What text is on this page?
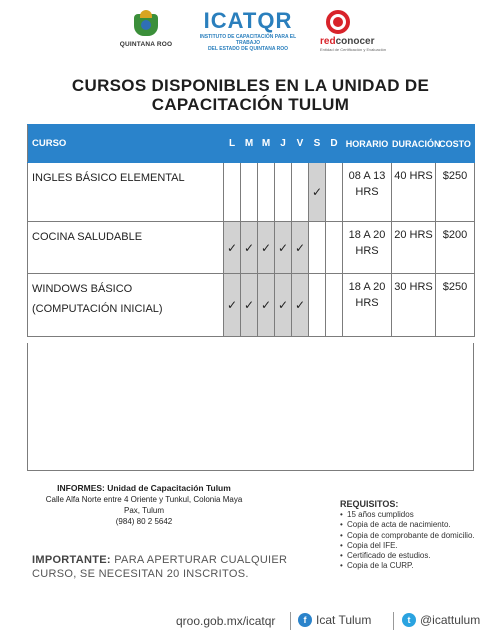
QUINTANA ROO
ICATQR
INSTITUTO DE CAPACITACIÓN PARA EL TRABAJO
DEL ESTADO DE QUINTANA ROO
redconocer
Entidad de Certificación y Evaluación
CURSOS DISPONIBLES EN LA UNIDAD DE
CAPACITACIÓN TULUM
CURSO	L	M	M	J	V	S	D	HORARIO	DURACIÓN	COSTO
INGLES BÁSICO ELEMENTAL						✓		08 A 13 HRS	40 HRS	$250
COCINA SALUDABLE	✓	✓	✓	✓	✓			18 A 20 HRS	20 HRS	$200
WINDOWS BÁSICO (COMPUTACIÓN INICIAL)	✓	✓	✓	✓	✓			18 A 20 HRS	30 HRS	$250
INFORMES: Unidad de Capacitación Tulum
Calle Alfa Norte entre 4 Oriente y Tunkul, Colonia Maya
Pax, Tulum
(984) 80 2 5642
REQUISITOS:
• 15 años cumplidos
• Copia de acta de nacimiento.
• Copia de comprobante de domicilio.
• Copia del IFE.
• Certificado de estudios.
• Copia de la CURP.
IMPORTANTE: PARA APERTURAR CUALQUIER CURSO, SE NECESITAN 20 INSCRITOS.
qroo.gob.mx/icatqr	f Icat Tulum	t @icattulum
